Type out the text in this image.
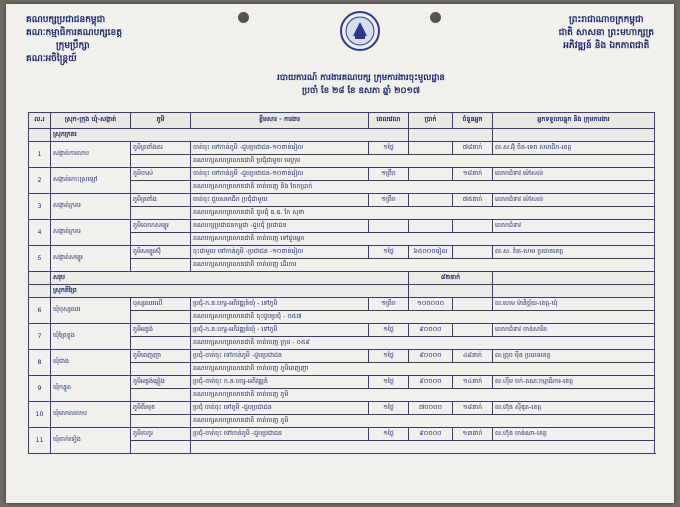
គណបក្សប្រជាជនកម្ពុជា
គណៈកម្មាធិការគណបក្សខេត្ត
ក្រុមប្រឹក្សា
គណៈអចិន្ត្រៃយ៍
ព្រះរាជាណាចក្រកម្ពុជា
ជាតិ សាសនា ព្រះមហាក្សត្រ
អភិវឌ្ឍន៍ និង ឯកភាពជាតិ
របាយការណ៍ ការងារគណបក្ស ក្រុមការងារចុះមូលដ្ឋាន
ប្រចាំ ខែ ២៨ ខែ ឧសភា ឆ្នាំ ២០១៧
ល.រ	ស្រុក-ក្រុង ឃុំ-សង្កាត់	ភូមិ	ខ្លឹមសារ - ការងារ	ពេលវេលា	ប្រាក់	ចំនួនអ្នក	អ្នកទទួលបន្ទុក និង ក្រុមការងារ
	ស្រុកក្រគរ						
1	សង្កាត់ការលាប	ភូមិត្រពាំងគរ	ចាត់ចុះ ទៅកាន់ភូមិ -ជួបប្រជាជន-១០ពាន់រៀល	១ថ្ងៃ		៧៨នាក់	ល.ស.អ៊ុំ ចិន-ទេព សមាជិក-ខេត្ត
			គណបក្សសហព្រលានជាតិ ប្រជុំជាមួយ មេក្រុម				
2	សង្កាត់កោះស្រឡៅ	ភូមិចាស់	ចាត់ចុះ ទៅកាន់ភូមិ -ជួបប្រជាជន-១០ពាន់រៀល	១ព្រឹក		១៨នាក់	លោកជំទាវ ម៉ៅសល់
			គណបក្សសហព្រលានជាតិ ចាត់ចេញ និង ចែកប្រាក់				
3	សង្កាត់ក្រគរ	ភូមិត្រពាំង	ចាត់ចុះ ជួបសមាជិក ប្រជុំជាមួយ	១ព្រឹក		៧៥នាក់	លោកជំទាវ ម៉ៅសល់
			គណបក្សសហព្រលានជាតិ ជួបជុំ ឧ.ឧ. កែ សុខា				
4	សង្កាត់ក្រគរ	ភូមិលោកសម្បូរ	គណបក្សប្រជាជនកម្ពុជា -ជួបជុំ ប្រជាជន				លោកជំទាវ
			គណបក្សសហព្រលានជាតិ ចាត់ចេញ ទៅជួបអ្នក				
5	សង្កាត់សម្បូរ	ភូមិសម្បូរស៊ុំ	ចុះជាមួយ ទៅកាន់ភូមិ -ប្រជាជន -១០ពាន់រៀល	១ថ្ងៃ	៦៥០០០រៀល		ល.ស. វ៉ាត-ហេម ប្រធានខេត្ត
			គណបក្សសហព្រលានជាតិ ចាត់ចេញ ដើរការ				
	សរុប				៨២នាក់		
	ស្រុកតីព្រៃ						
6	ឃុំបុស្សឈរ	បុស្សឈរលើ	ប្រជុំ-ក.ន.បក្ស-អភិវឌ្ឍន៍ឃុំ - ទៅភូមិ	១ព្រឹក	១០០០០០		ល.ហេម ម៉ានិច្ឆ័យ-ខេត្ត-ឃុំ
			គណបក្សសហព្រលានជាតិ ចុះជួបប្រជុំ - ០៥៧				
7	ឃុំព្រៃខ្លុង	ភូមិអន្លង់	ប្រជុំ-ក.ន.បក្ស-អភិវឌ្ឍន៍ឃុំ - ទៅភូមិ	១ថ្ងៃ	៩០០០០		លោកជំទាវ ចាន់សារិត
			គណបក្សសហព្រលានជាតិ ចាត់ចេញ ក្រុម - ០៥៩				
8	ឃុំជាង	ភូមិពេញញា	ប្រជុំ-ចាត់ចុះ ទៅកាន់ភូមិ -ជួបប្រជាជន	១ថ្ងៃ	៩០០០០	៤៨នាក់	ល.ព្រុច ម៉ឺន ប្រធានខេត្ត
			គណបក្សសហព្រលានជាតិ ចាត់ចេញ ភូមិពេញញា				
9	ឃុំកន្ទួត	ភូមិអន្លង់ឆ្វៀង	ប្រជុំ-ចាត់ចុះ ក.ន.បក្ស-អភិវឌ្ឍន៍	១ថ្ងៃ	៩០០០០	១៤នាក់	ល.ហ៊ីម ចក់-គណៈកម្មាធិការ-ខេត្ត
			គណបក្សសហព្រលានជាតិ ចាត់ចេញ ភូមិ				
10	ឃុំលោលលាប	ភូមិពីរមុខ	ប្រជុំ ចាត់ចុះ ទៅភូមិ -ជួបប្រជាជន	១ថ្ងៃ	៧០០០០	១៨នាក់	ល.ហ៊ុន ស៊ីឌុត-ខេត្ត
			គណបក្សសហព្រលានជាតិ ចាត់ចេញ ភូមិ				
11	ឃុំតាក់ទៀង	ភូមិតាកូរ	ប្រជុំ-ចាត់ចុះ ទៅកាន់ភូមិ -ជួបប្រជាជន	១ថ្ងៃ	៩០០០០	១៣នាក់	ល.ហ៊ុន ចាន់ណា-ខេត្ត
